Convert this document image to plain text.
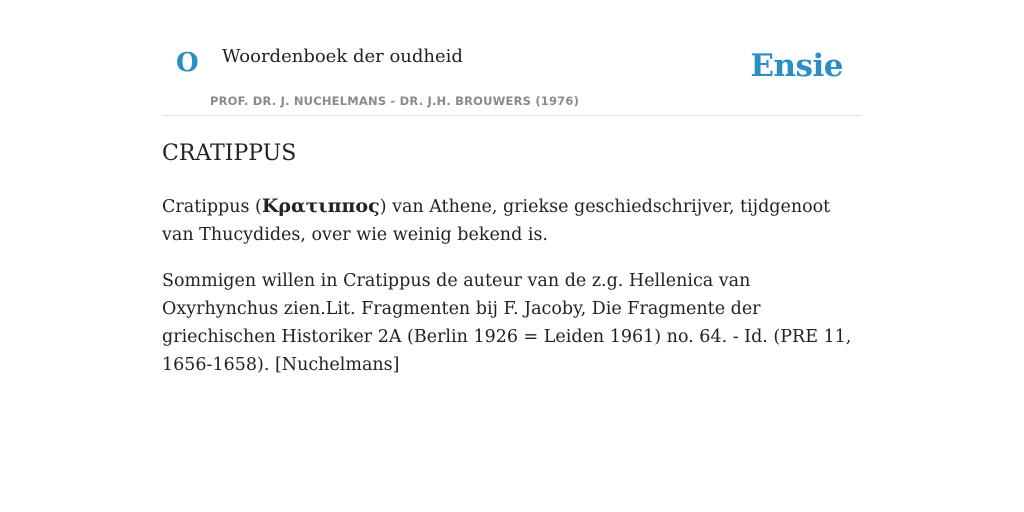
O Woordenboek der oudheid
PROF. DR. J. NUCHELMANS - DR. J.H. BROUWERS (1976)
Ensie
CRATIPPUS

Cratippus (Κρατιππος) van Athene, griekse geschiedschrijver, tijdgenoot van Thucydides, over wie weinig bekend is.

Sommigen willen in Cratippus de auteur van de z.g. Hellenica van Oxyrhynchus zien.Lit. Fragmenten bij F. Jacoby, Die Fragmente der griechischen Historiker 2A (Berlin 1926 = Leiden 1961) no. 64. - Id. (PRE 11, 1656-1658). [Nuchelmans]
